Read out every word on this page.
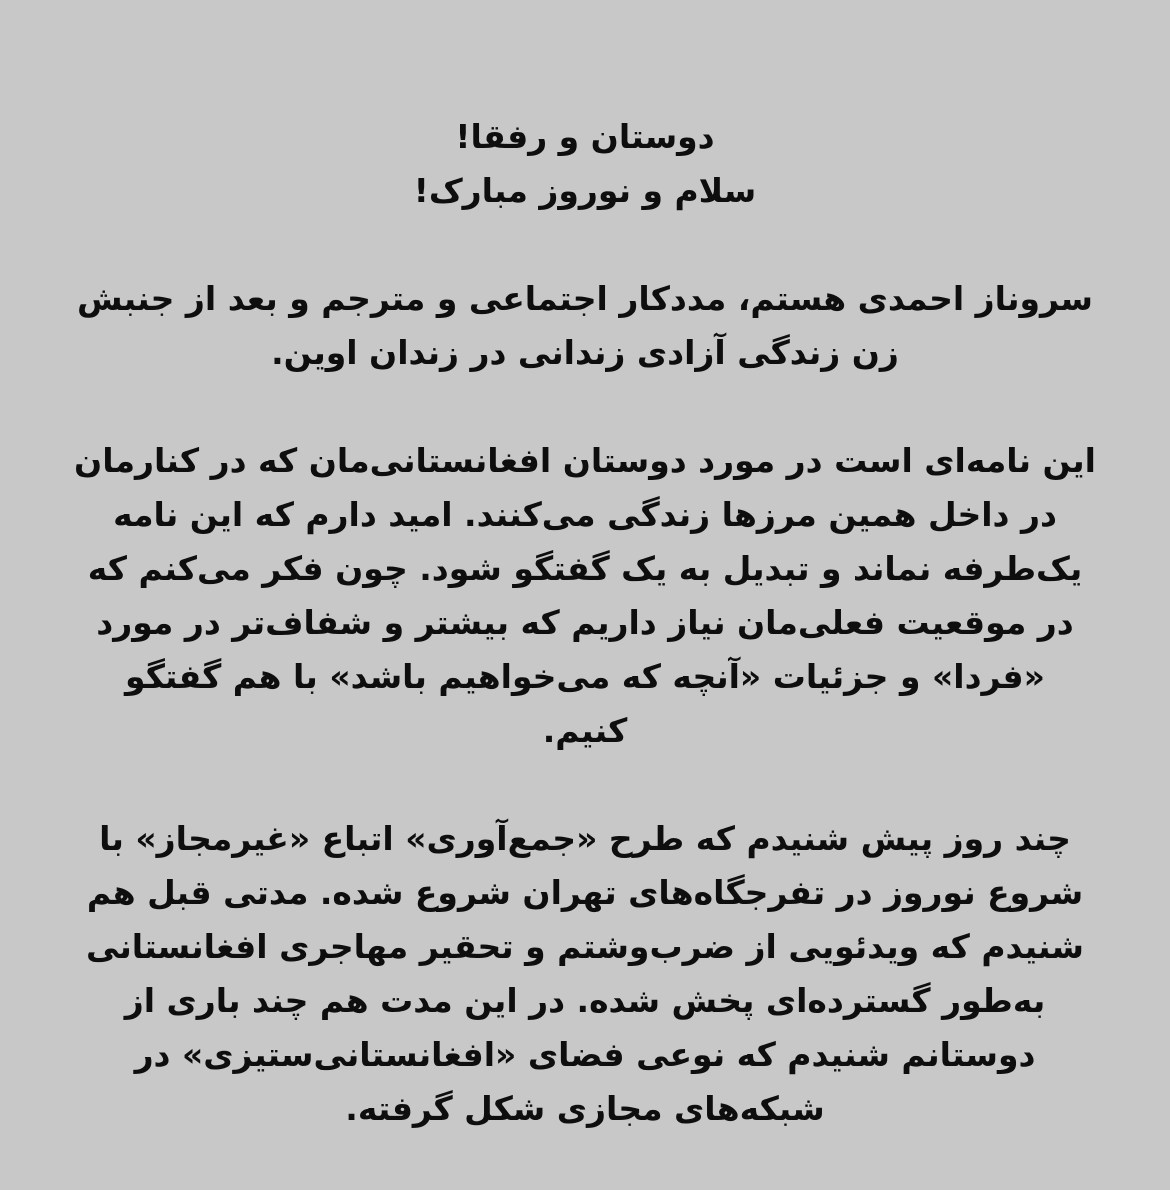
دوستان و رفقا!
سلام و نوروز مبارک!
سروناز احمدی هستم، مددکار اجتماعی و مترجم و بعد از جنبش
زن زندگی آزادی زندانی در زندان اوین.
این نامه‌ای است در مورد دوستان افغانستانی‌مان که در کنارمان
در داخل همین مرزها زندگی می‌کنند. امید دارم که این نامه
یک‌طرفه نماند و تبدیل به یک گفتگو شود. چون فکر می‌کنم که
در موقعیت فعلی‌مان نیاز داریم که بیشتر و شفاف‌تر در مورد
«فردا» و جزئیات «آنچه که می‌خواهیم باشد» با هم گفتگو
کنیم.
چند روز پیش شنیدم که طرح «جمع‌آوری» اتباع «غیرمجاز» با
شروع نوروز در تفرجگاه‌های تهران شروع شده. مدتی قبل هم
شنیدم که ویدئویی از ضرب‌وشتم و تحقیر مهاجری افغانستانی
به‌طور گسترده‌ای پخش شده. در این مدت هم چند باری از
دوستانم شنیدم که نوعی فضای «افغانستانی‌ستیزی» در
شبکه‌های مجازی شکل گرفته.
